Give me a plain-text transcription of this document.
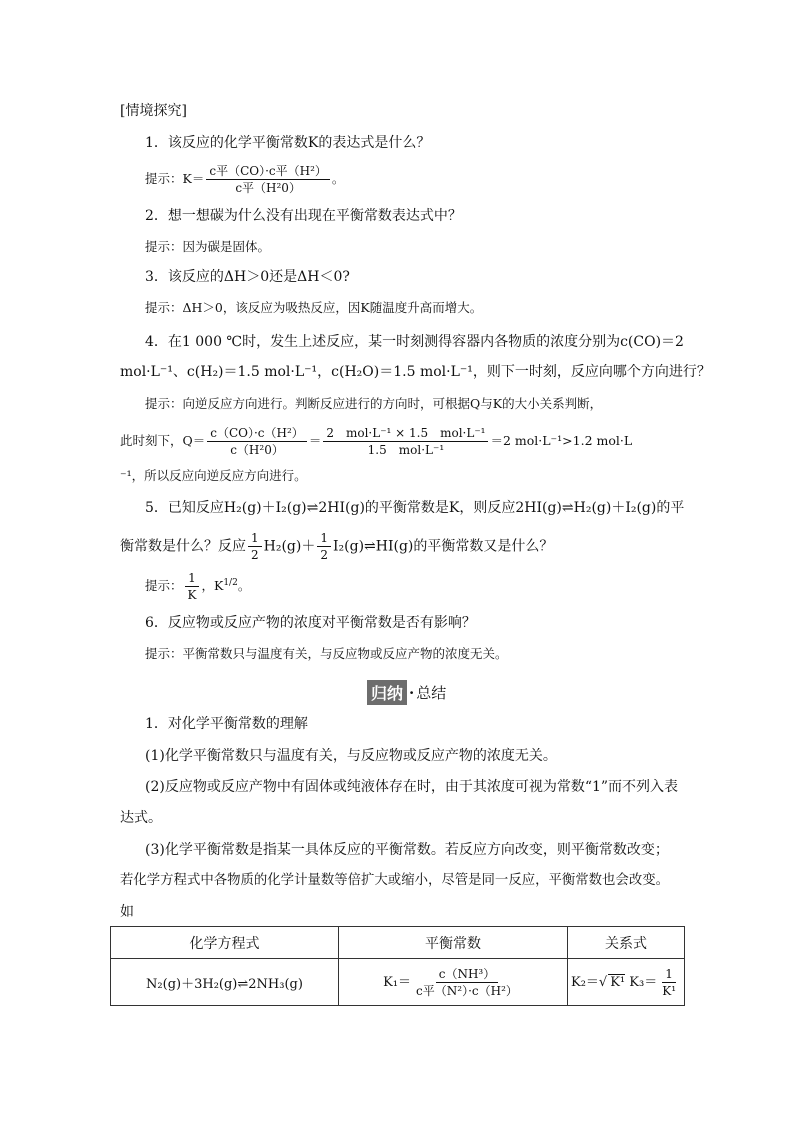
[情境探究]
1．该反应的化学平衡常数K的表达式是什么？
提示：$K= \frac{\text{c平（CO）·c平（H²）}}{\text{c平（H²0）}}$ 。
2．想一想碳为什么没有出现在平衡常数表达式中？
提示：因为碳是固体。
3．该反应的ΔH＞0还是ΔH＜0?
提示：ΔH＞0，该反应为吸热反应，因K随温度升高而增大。
4．在1 000 ℃时，发生上述反应，某一时刻测得容器内各物质的浓度分别为c(CO)＝2
mol·L⁻¹、c(H₂)＝1.5 mol·L⁻¹，c(H₂O)＝1.5 mol·L⁻¹，则下一时刻，反应向哪个方向进行？
提示：向逆反应方向进行。判断反应进行的方向时，可根据Q与K的大小关系判断，
此时刻下，$Q= \frac{\text{c（CO）·c（H²）}}{\text{c（H²0）}} = \frac{\text{2　mol·L⁻¹ × 1.5　mol·L⁻¹}}{\text{1.5　mol·L⁻¹}} =2$ mol·L⁻¹>1.2 mol·L
⁻¹，所以反应向逆反应方向进行。
5．已知反应H₂(g)＋I₂(g)⇌2HI(g)的平衡常数是K，则反应2HI(g)⇌H₂(g)＋I₂(g)的平
衡常数是什么？反应 $\frac{1}{2} H_2(g)+ \frac{1}{2}$ I₂(g)⇌HI(g)的平衡常数又是什么？
提示： $\frac{1}{K}$ ，$K^{1/2}$。
6．反应物或反应产物的浓度对平衡常数是否有影响？
提示：平衡常数只与温度有关，与反应物或反应产物的浓度无关。
归纳 · 总结
1．对化学平衡常数的理解
(1)化学平衡常数只与温度有关，与反应物或反应产物的浓度无关。
(2)反应物或反应产物中有固体或纯液体存在时，由于其浓度可视为常数“1”而不列入表
达式。
(3)化学平衡常数是指某一具体反应的平衡常数。若反应方向改变，则平衡常数改变；
若化学方程式中各物质的化学计量数等倍扩大或缩小，尽管是同一反应，平衡常数也会改变。
如
化学方程式	平衡常数	关系式
N₂(g)＋3H₂(g)⇌2NH₃(g)	$K_1= \frac{\text{c（NH³）}}{\text{c平（N²）·c（H²）}}$	K₂＝√ K¹ $K_3= \frac{1}{\text{K¹}}$
